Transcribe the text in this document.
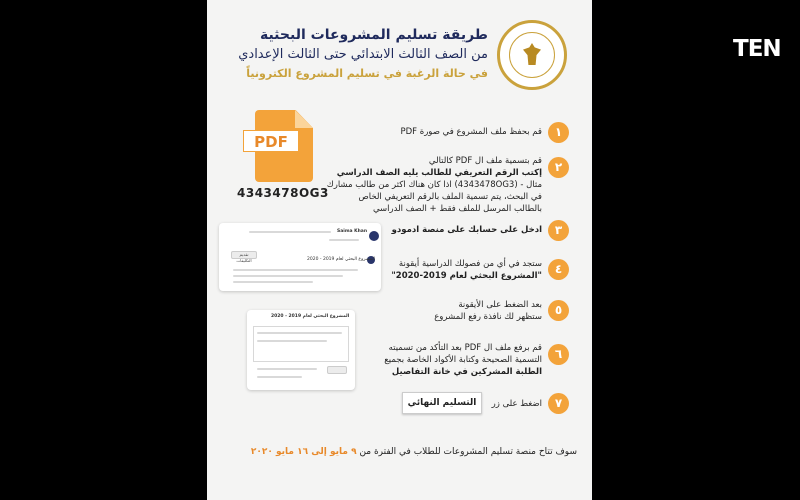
TEN
طريقة تسليم المشروعات البحثية
من الصف الثالث الابتدائي حتى الثالث الإعدادي
في حالة الرغبة في تسليم المشروع الكترونياً
PDF
4343478OG3
١
قم بحفظ ملف المشروع في صورة PDF
٢
قم بتسمية ملف ال PDF كالتالي
إكتب الرقم التعريفي للطالب يليه الصف الدراسي
مثال - (4343478OG3) اذا كان هناك اكثر من طالب مشارك
في البحث، يتم تسمية الملف بالرقم التعريفي الخاص
بالطالب المرسل للملف فقط + الصف الدراسي
Saima Khan
تقديم التكليفات	المشروع البحثي لعام 2019 - 2020
٣
ادخل على حسابك على منصة ادمودو
٤
ستجد في أي من فصولك الدراسية أيقونة
"المشروع البحثي لعام 2019-2020"
المشروع البحثي لعام 2019 - 2020	٥
بعد الضغط على الأيقونة
ستظهر لك نافذة رفع المشروع
٦
قم برفع ملف ال PDF بعد التأكد من تسميته
التسمية الصحيحة وكتابة الأكواد الخاصة بجميع
الطلبة المشركين في خانة التفاصيل
٧
اضغط على زر
التسليم النهائي
سوف تتاح منصة تسليم المشروعات للطلاب في الفترة من ٩ مايو إلى ١٦ مايو ٢٠٢٠
